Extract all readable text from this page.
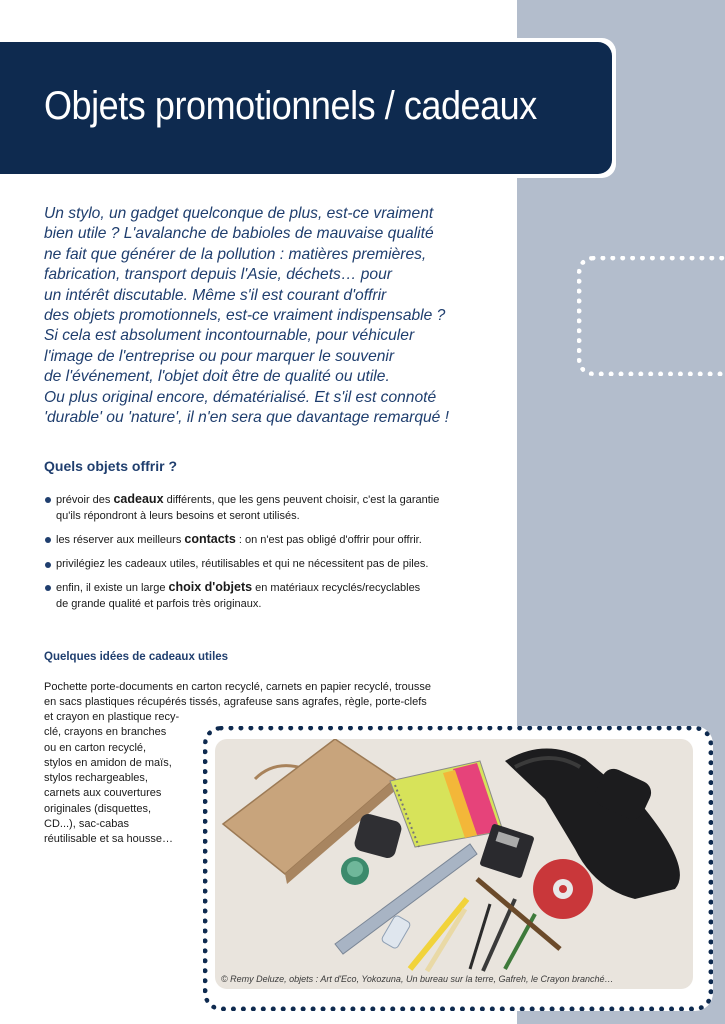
Objets promotionnels / cadeaux

Un stylo, un gadget quelconque de plus, est-ce vraiment

bien utile ? L'avalanche de babioles de mauvaise qualité

ne fait que générer de la pollution : matières premières,

fabrication, transport depuis l'Asie, déchets… pour

un intérêt discutable. Même s'il est courant d'offrir

des objets promotionnels, est-ce vraiment indispensable ?

Si cela est absolument incontournable, pour véhiculer

l'image de l'entreprise ou pour marquer le souvenir

de l'événement, l'objet doit être de qualité ou utile.

Ou plus original encore, dématérialisé. Et s'il est connoté

'durable' ou 'nature', il n'en sera que davantage remarqué !

Quels objets offrir ?
prévoir des cadeaux différents, que les gens peuvent choisir, c'est la garantie
qu'ils répondront à leurs besoins et seront utilisés.
les réserver aux meilleurs contacts : on n'est pas obligé d'offrir pour offrir.
privilégiez les cadeaux utiles, réutilisables et qui ne nécessitent pas de piles.
enfin, il existe un large choix d'objets en matériaux recyclés/recyclables
de grande qualité et parfois très originaux.
Quelques idées de cadeaux utiles
Pochette porte-documents en carton recyclé, carnets en papier recyclé, trousse
en sacs plastiques récupérés tissés, agrafeuse sans agrafes, règle, porte-clefs
et crayon en plastique recy-
clé, crayons en branches
ou en carton recyclé,
stylos en amidon de maïs,
stylos rechargeables,
carnets aux couvertures
originales (disquettes,
CD...), sac-cabas
réutilisable et sa housse…
© Remy Deluze, objets : Art d'Eco, Yokozuna, Un bureau sur la terre, Gafreh, le Crayon branché…
